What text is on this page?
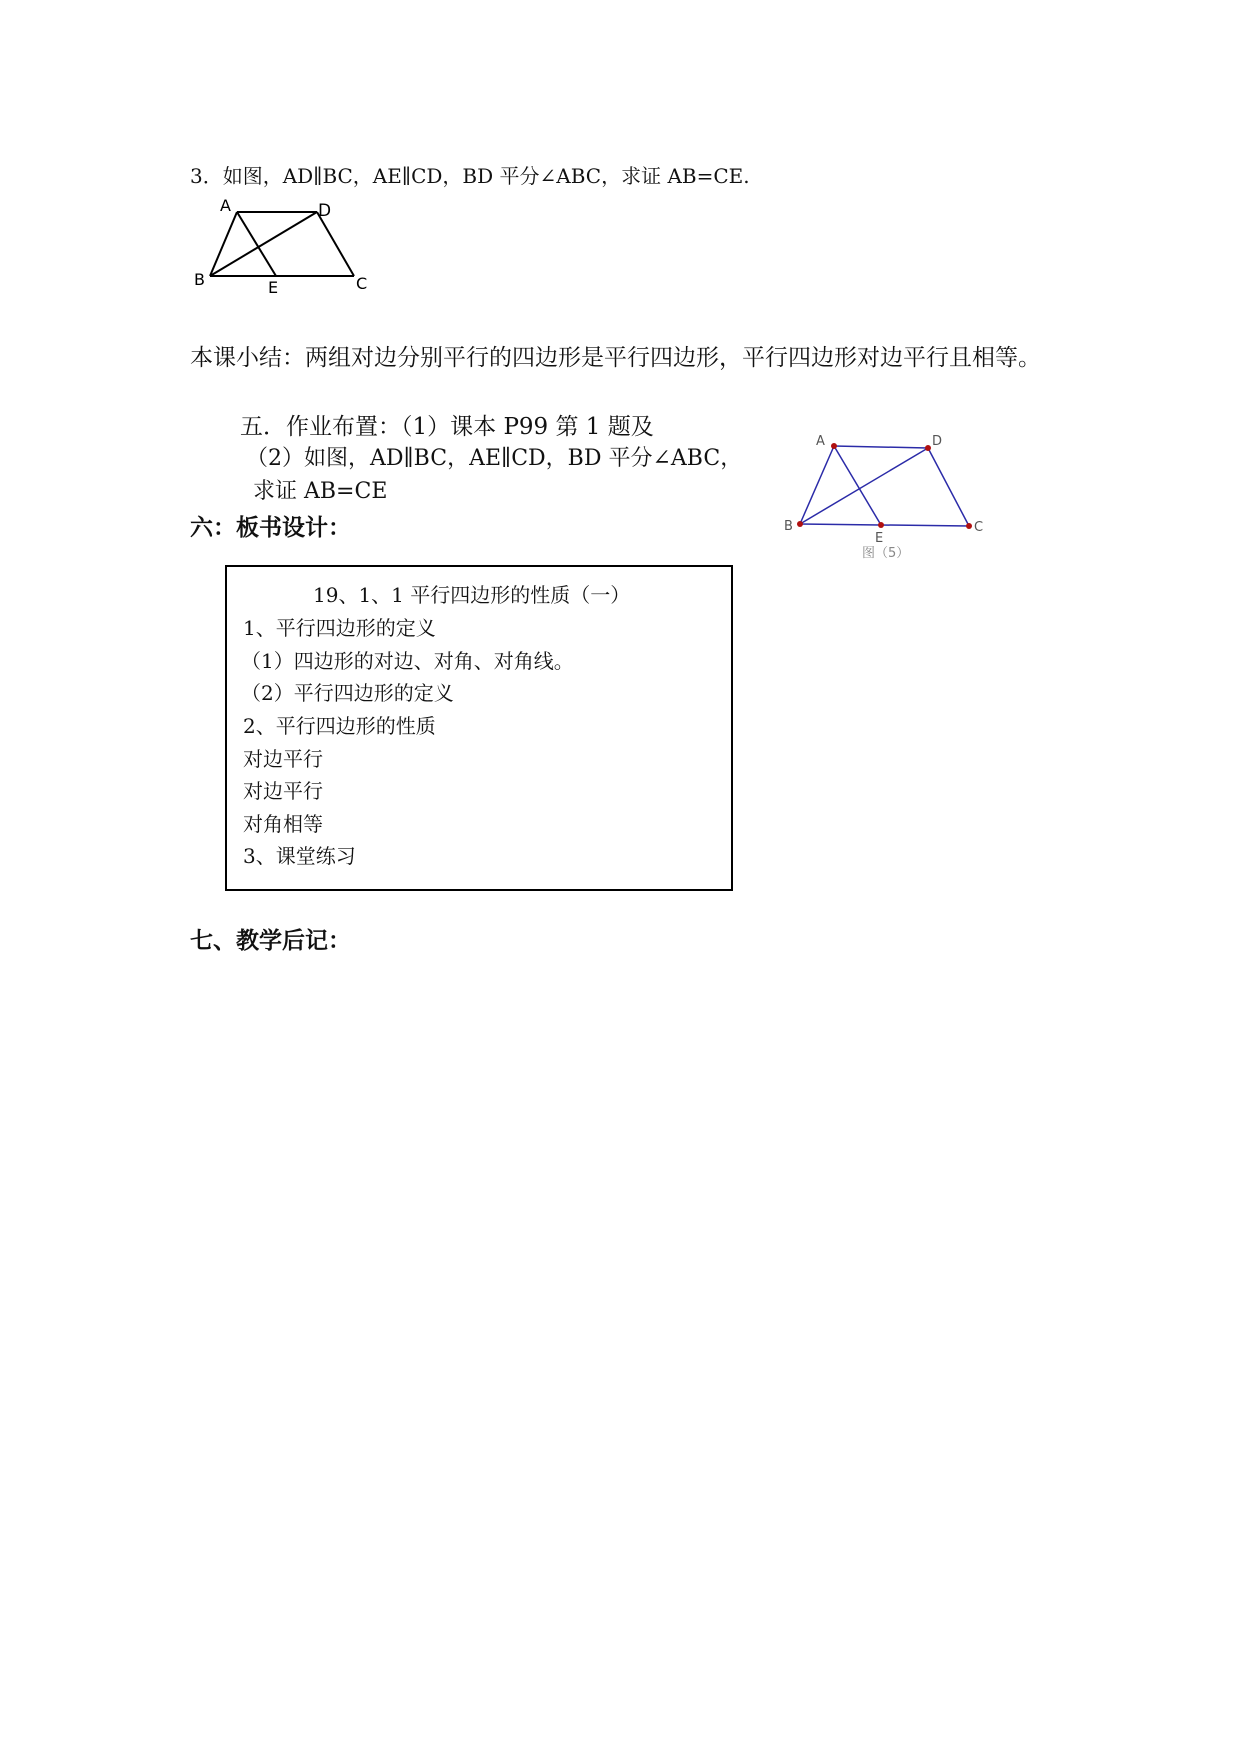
3．如图，AD∥BC，AE∥CD，BD 平分∠ABC，求证 AB=CE.
A	D
B	E	C
本课小结：两组对边分别平行的四边形是平行四边形，平行四边形对边平行且相等。
五．作业布置：（1）课本 P99 第 1 题及
（2）如图，AD∥BC，AE∥CD，BD 平分∠ABC，
求证 AB=CE
A	D
B
E
C
图（5）
六：板书设计：
19、1、1 平行四边形的性质（一）
1、平行四边形的定义
（1）四边形的对边、对角、对角线。
（2）平行四边形的定义
2、平行四边形的性质
对边平行
对边平行
对角相等
3、课堂练习
七、教学后记：
